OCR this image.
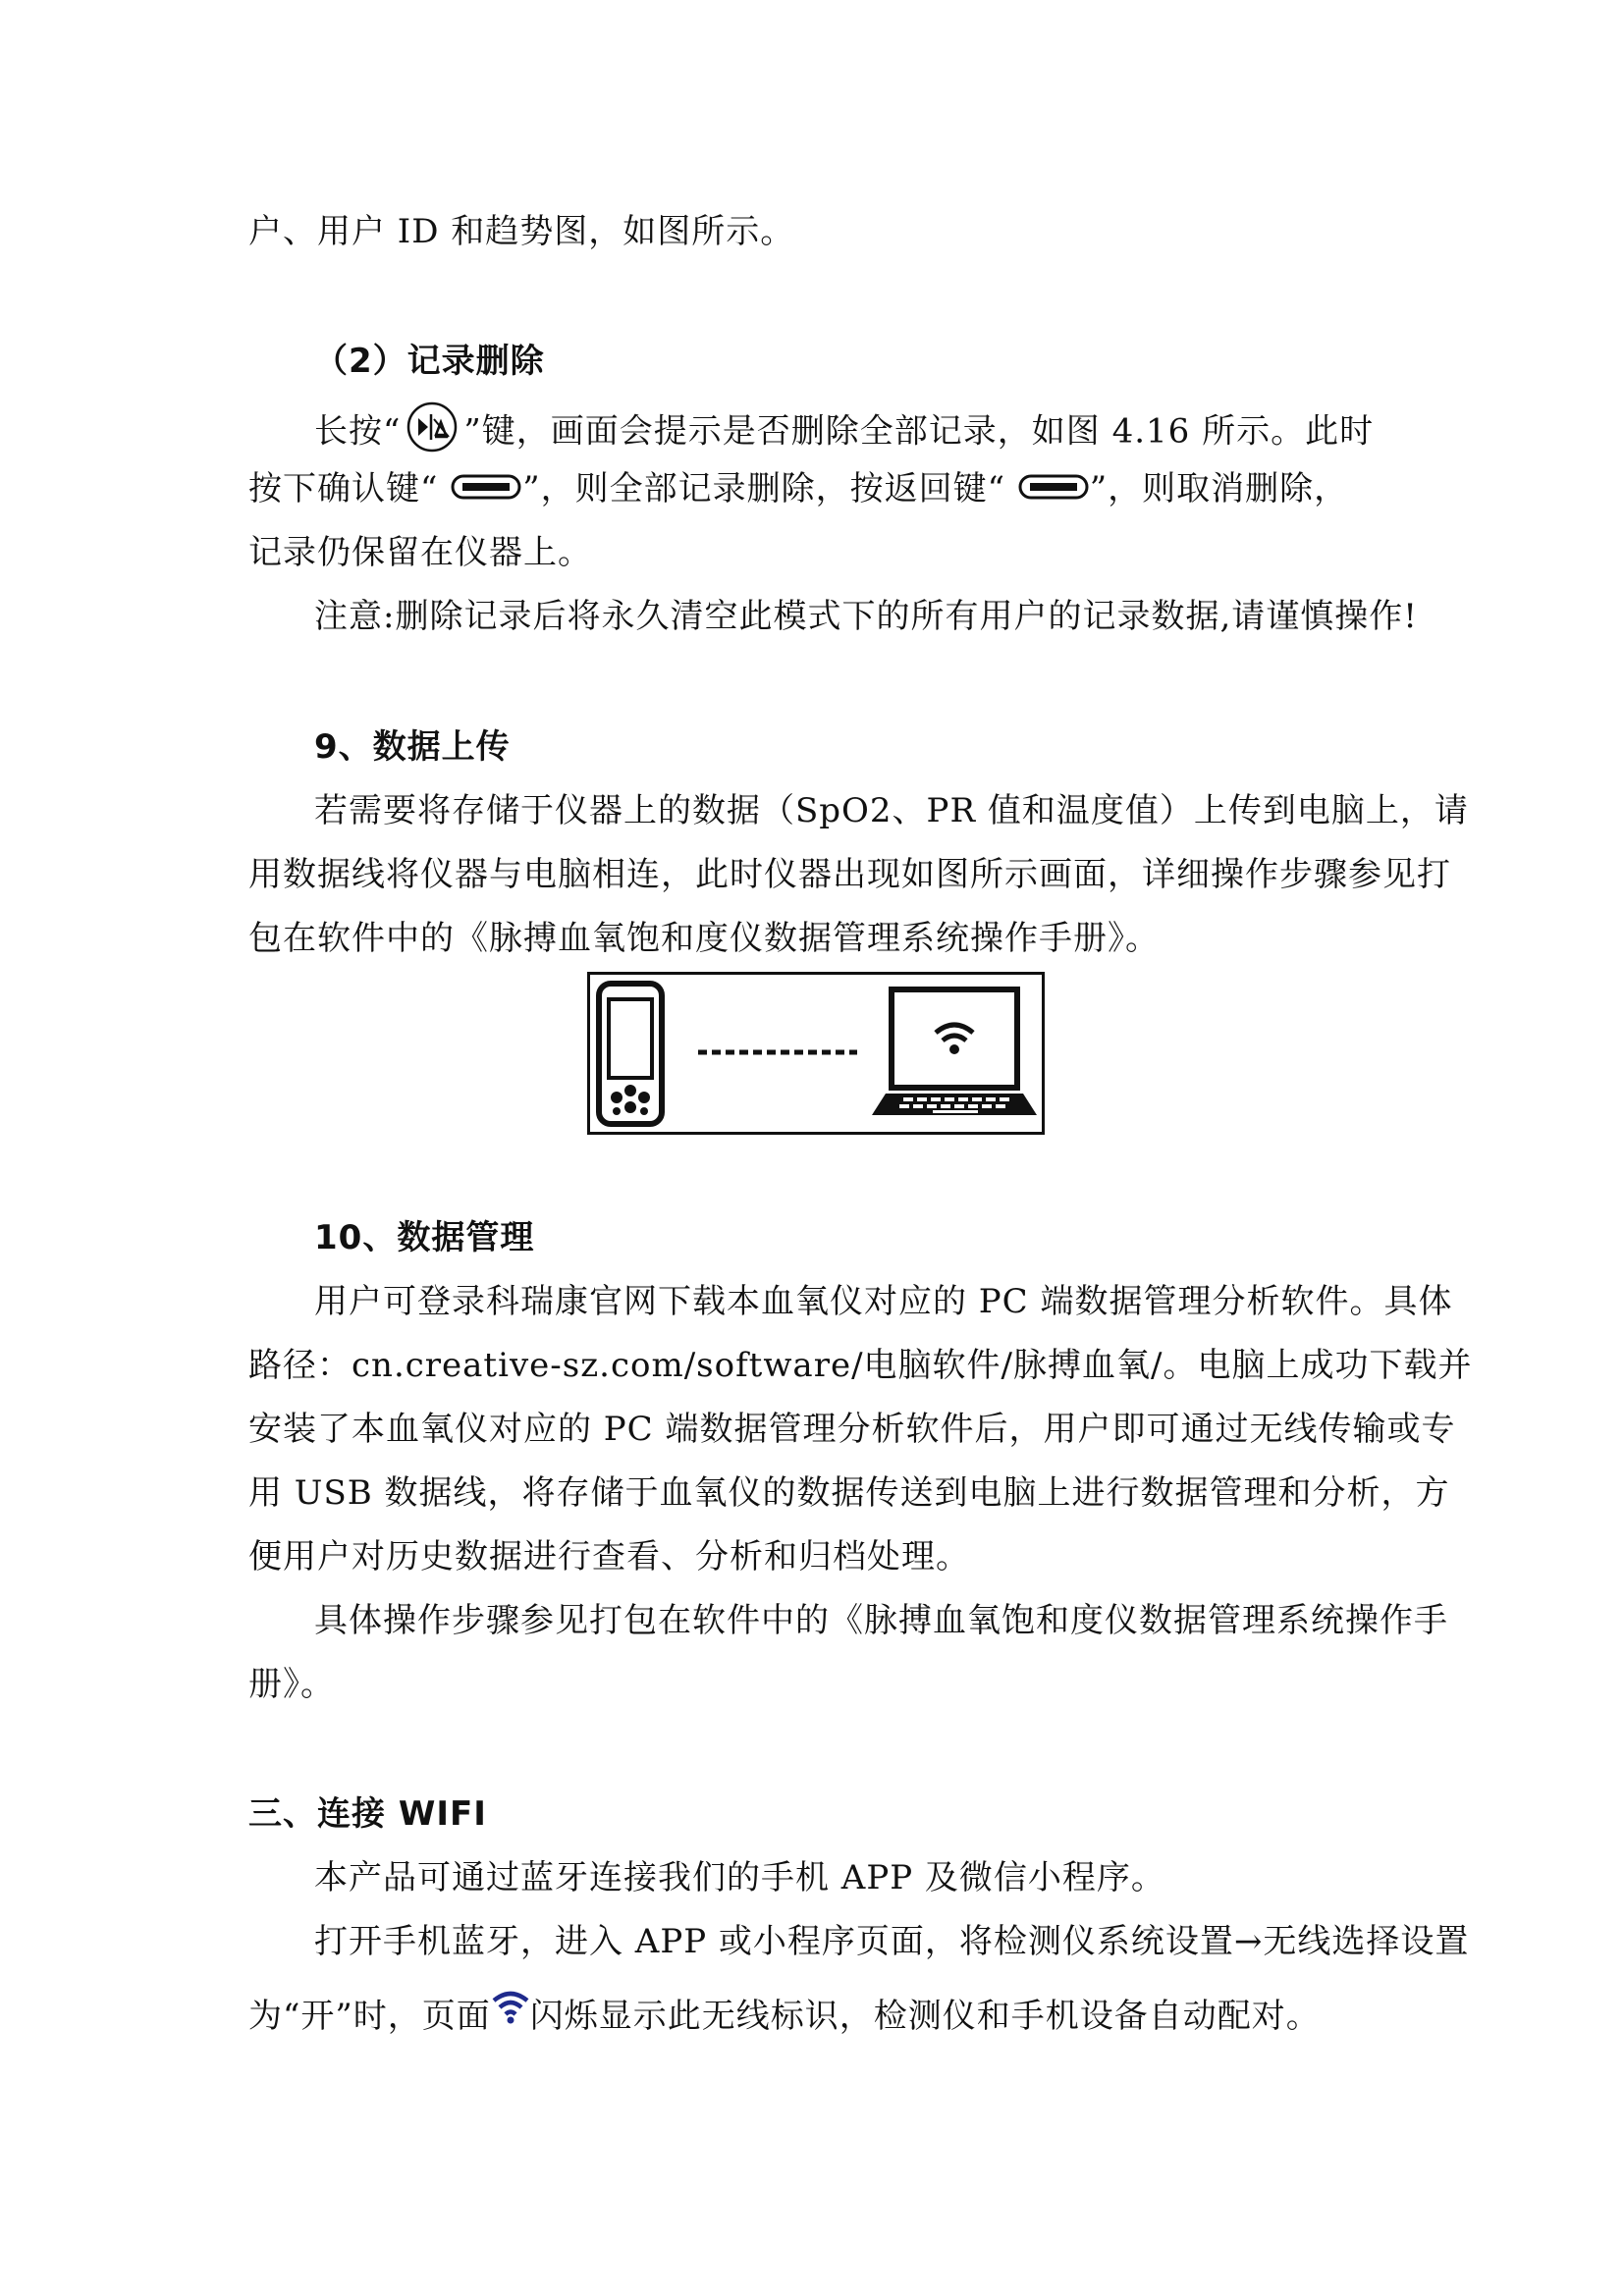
户、用户 ID 和趋势图，如图所示。
（2）记录删除
长按“ ”键，画面会提示是否删除全部记录，如图 4.16 所示。此时
按下确认键“ ”，则全部记录删除，按返回键“ ”，则取消删除，
记录仍保留在仪器上。
注意:删除记录后将永久清空此模式下的所有用户的记录数据,请谨慎操作!
9、数据上传
若需要将存储于仪器上的数据（SpO2、PR 值和温度值）上传到电脑上，请
用数据线将仪器与电脑相连，此时仪器出现如图所示画面，详细操作步骤参见打
包在软件中的《脉搏血氧饱和度仪数据管理系统操作手册》。
10、数据管理
用户可登录科瑞康官网下载本血氧仪对应的 PC 端数据管理分析软件。具体
路径：cn.creative-sz.com/software/电脑软件/脉搏血氧/。电脑上成功下载并
安装了本血氧仪对应的 PC 端数据管理分析软件后，用户即可通过无线传输或专
用 USB 数据线，将存储于血氧仪的数据传送到电脑上进行数据管理和分析，方
便用户对历史数据进行查看、分析和归档处理。
具体操作步骤参见打包在软件中的《脉搏血氧饱和度仪数据管理系统操作手
册》。
三、连接 WIFI
本产品可通过蓝牙连接我们的手机 APP 及微信小程序。
打开手机蓝牙，进入 APP 或小程序页面，将检测仪系统设置→无线选择设置
为“开”时，页面 闪烁显示此无线标识，检测仪和手机设备自动配对。
